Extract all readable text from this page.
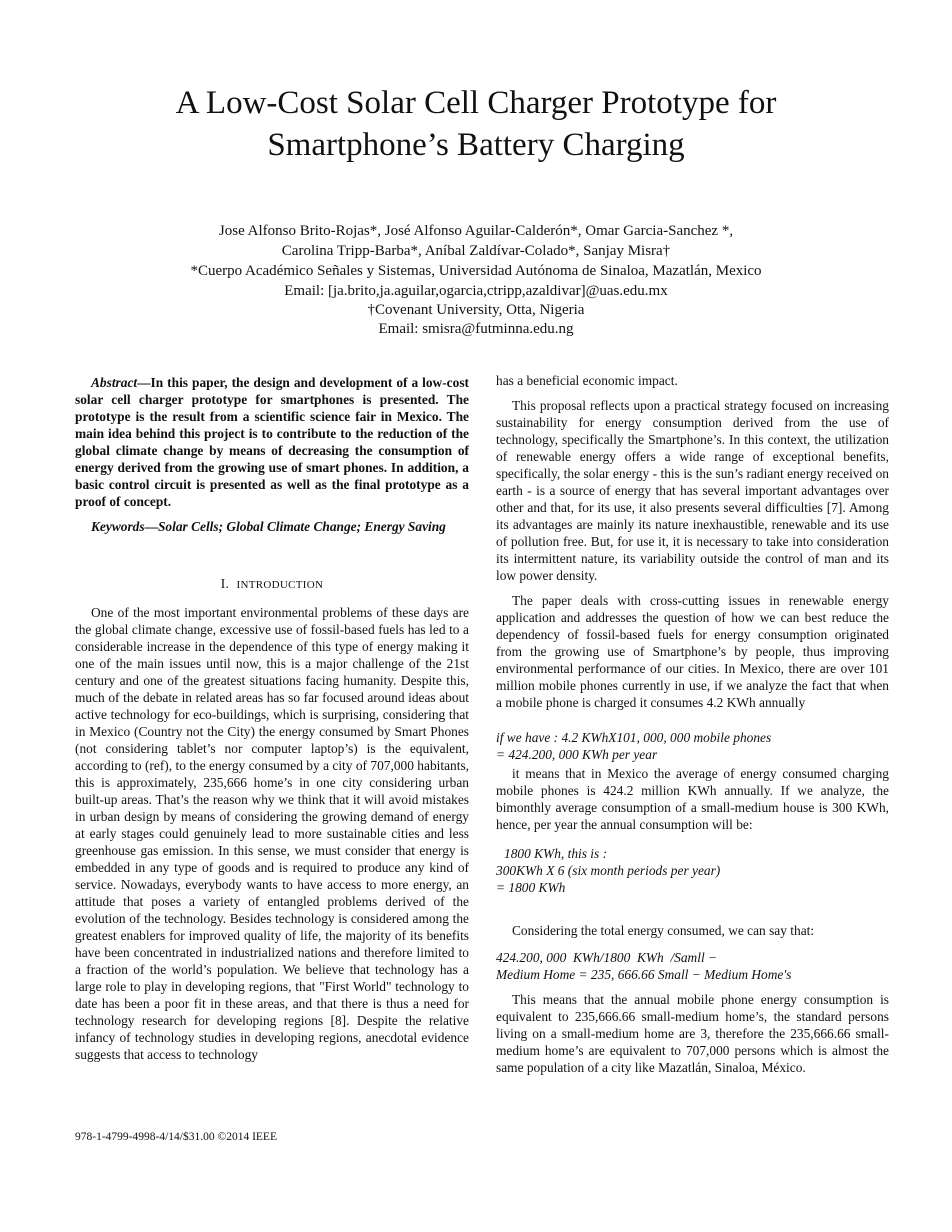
A Low-Cost Solar Cell Charger Prototype for
Smartphone’s Battery Charging
Jose Alfonso Brito-Rojas*, José Alfonso Aguilar-Calderón*, Omar Garcia-Sanchez *,
Carolina Tripp-Barba*, Aníbal Zaldívar-Colado*, Sanjay Misra†
*Cuerpo Académico Señales y Sistemas, Universidad Autónoma de Sinaloa, Mazatlán, Mexico
Email: [ja.brito,ja.aguilar,ogarcia,ctripp,azaldivar]@uas.edu.mx
†Covenant University, Otta, Nigeria
Email: smisra@futminna.edu.ng

Abstract—In this paper, the design and development of a low-cost solar cell charger prototype for smartphones is presented. The prototype is the result from a scientific science fair in Mexico. The main idea behind this project is to contribute to the reduction of the global climate change by means of decreasing the consumption of energy derived from the growing use of smart phones. In addition, a basic control circuit is presented as well as the final prototype as a proof of concept.

Keywords—Solar Cells; Global Climate Change; Energy Saving

I. INTRODUCTION

One of the most important environmental problems of these days are the global climate change, excessive use of fossil-based fuels has led to a considerable increase in the dependence of this type of energy making it one of the main issues until now, this is a major challenge of the 21st century and one of the greatest situations facing humanity. Despite this, much of the debate in related areas has so far focused around ideas about active technology for eco-buildings, which is surprising, considering that in Mexico (Country not the City) the energy consumed by Smart Phones (not considering tablet’s nor computer laptop’s) is the equivalent, according to (ref), to the energy consumed by a city of 707,000 habitants, this is approximately, 235,666 home’s in one city considering urban built-up areas. That’s the reason why we think that it will avoid mistakes in urban design by means of considering the growing demand of energy at early stages could genuinely lead to more sustainable cities and less greenhouse gas emission. In this sense, we must consider that energy is embedded in any type of goods and is required to produce any kind of service. Nowadays, everybody wants to have access to more energy, an attitude that poses a variety of entangled problems derived of the evolution of the technology. Besides technology is considered among the greatest enablers for improved quality of life, the majority of its benefits have been concentrated in industrialized nations and therefore limited to a fraction of the world’s population. We believe that technology has a large role to play in developing regions, that "First World" technology to date has been a poor fit in these areas, and that there is thus a need for technology research for developing regions [8]. Despite the relative infancy of technology studies in developing regions, anecdotal evidence suggests that access to technology

has a beneficial economic impact.

This proposal reflects upon a practical strategy focused on increasing sustainability for energy consumption derived from the use of technology, specifically the Smartphone’s. In this context, the utilization of renewable energy offers a wide range of exceptional benefits, specifically, the solar energy - this is the sun’s radiant energy received on earth - is a source of energy that has several important advantages over other and that, for its use, it also presents several difficulties [7]. Among its advantages are mainly its nature inexhaustible, renewable and its use of pollution free. But, for use it, it is necessary to take into consideration its intermittent nature, its variability outside the control of man and its low power density.

The paper deals with cross-cutting issues in renewable energy application and addresses the question of how we can best reduce the dependency of fossil-based fuels for energy consumption originated from the growing use of Smartphone’s by people, thus improving environmental performance of our cities. In Mexico, there are over 101 million mobile phones currently in use, if we analyze the fact that when a mobile phone is charged it consumes 4.2 KWh annually

if we have : 4.2 KWhX101, 000, 000 mobile phones
= 424.200, 000 KWh per year

it means that in Mexico the average of energy consumed charging mobile phones is 424.2 million KWh annually. If we analyze, the bimonthly average consumption of a small-medium house is 300 KWh, hence, per year the annual consumption will be:

1800 KWh, this is :
300KWh X 6 (six month periods per year)
= 1800 KWh

Considering the total energy consumed, we can say that:

424.200, 000  KWh/1800  KWh  /Samll −
Medium Home = 235, 666.66 Small − Medium Home's

This means that the annual mobile phone energy consumption is equivalent to 235,666.66 small-medium home’s, the standard persons living on a small-medium home are 3, therefore the 235,666.66 small-medium home’s are equivalent to 707,000 persons which is almost the same population of a city like Mazatlán, Sinaloa, México.

978-1-4799-4998-4/14/$31.00 ©2014 IEEE
